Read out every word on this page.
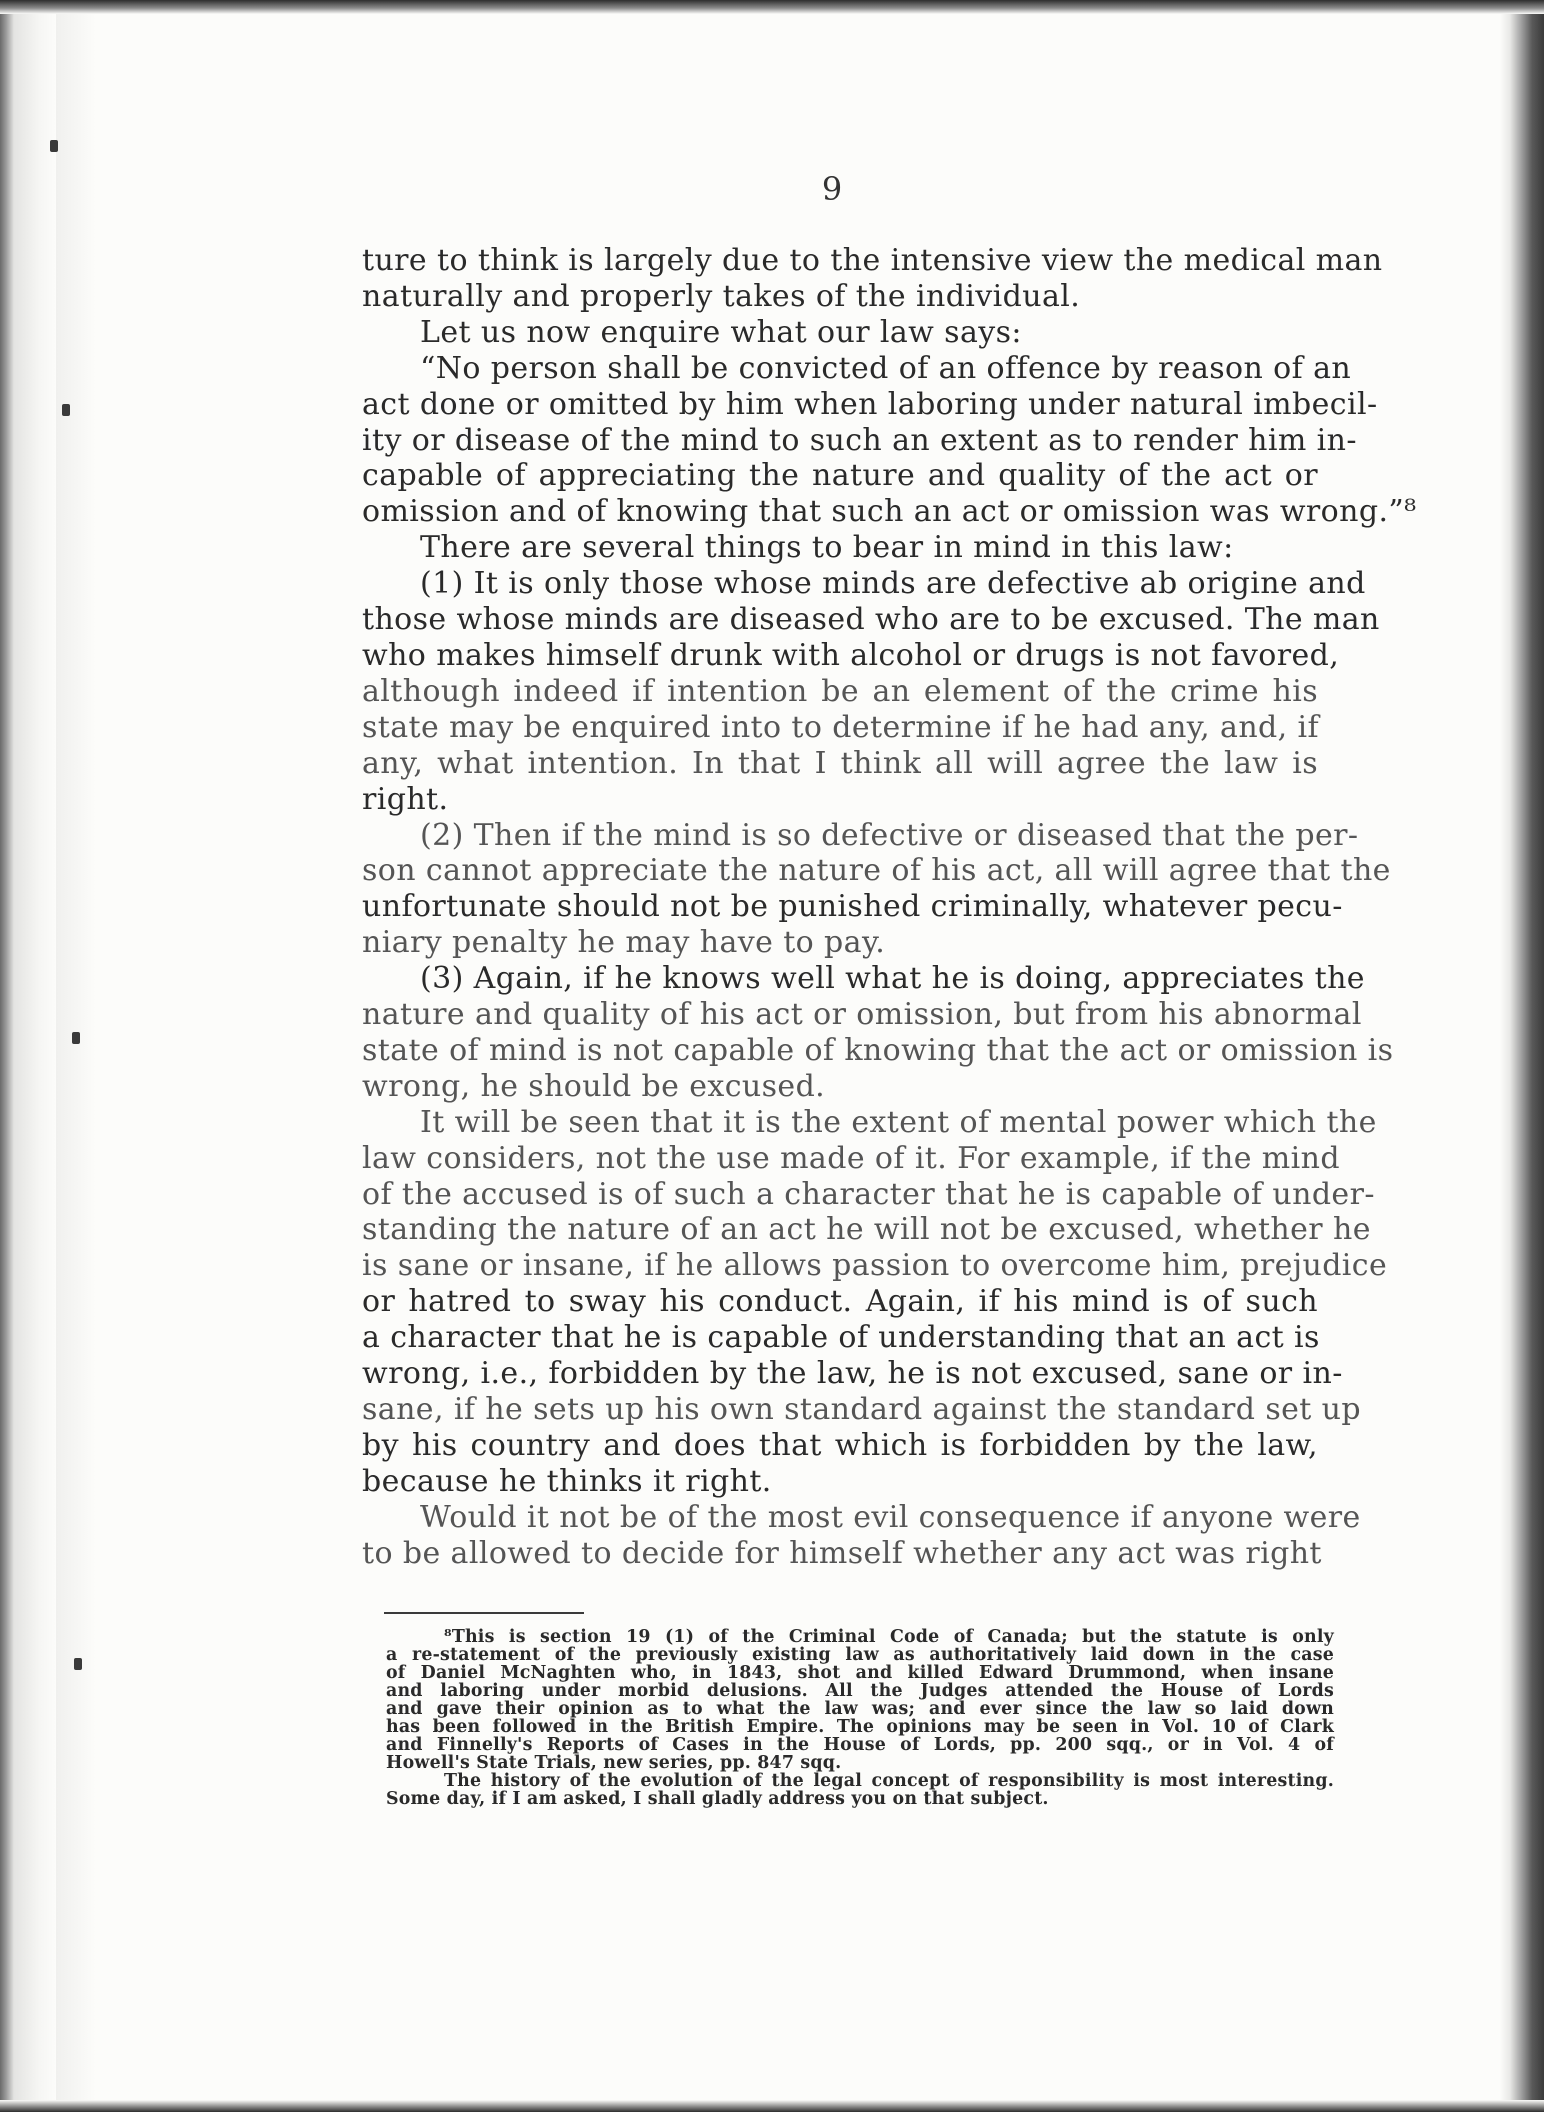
9
ture to think is largely due to the intensive view the medical man
naturally and properly takes of the individual.
Let us now enquire what our law says:
“No person shall be convicted of an offence by reason of an
act done or omitted by him when laboring under natural imbecil-
ity or disease of the mind to such an extent as to render him in-
capable of appreciating the nature and quality of the act or
omission and of knowing that such an act or omission was wrong.”⁸
There are several things to bear in mind in this law:
(1) It is only those whose minds are defective ab origine and
those whose minds are diseased who are to be excused. The man
who makes himself drunk with alcohol or drugs is not favored,
although indeed if intention be an element of the crime his
state may be enquired into to determine if he had any, and, if
any, what intention. In that I think all will agree the law is
right.
(2) Then if the mind is so defective or diseased that the per-
son cannot appreciate the nature of his act, all will agree that the
unfortunate should not be punished criminally, whatever pecu-
niary penalty he may have to pay.
(3) Again, if he knows well what he is doing, appreciates the
nature and quality of his act or omission, but from his abnormal
state of mind is not capable of knowing that the act or omission is
wrong, he should be excused.
It will be seen that it is the extent of mental power which the
law considers, not the use made of it. For example, if the mind
of the accused is of such a character that he is capable of under-
standing the nature of an act he will not be excused, whether he
is sane or insane, if he allows passion to overcome him, prejudice
or hatred to sway his conduct. Again, if his mind is of such
a character that he is capable of understanding that an act is
wrong, i.e., forbidden by the law, he is not excused, sane or in-
sane, if he sets up his own standard against the standard set up
by his country and does that which is forbidden by the law,
because he thinks it right.
Would it not be of the most evil consequence if anyone were
to be allowed to decide for himself whether any act was right
⁸This is section 19 (1) of the Criminal Code of Canada; but the statute is only
a re-statement of the previously existing law as authoritatively laid down in the case
of Daniel McNaghten who, in 1843, shot and killed Edward Drummond, when insane
and laboring under morbid delusions. All the Judges attended the House of Lords
and gave their opinion as to what the law was; and ever since the law so laid down
has been followed in the British Empire. The opinions may be seen in Vol. 10 of Clark
and Finnelly's Reports of Cases in the House of Lords, pp. 200 sqq., or in Vol. 4 of
Howell's State Trials, new series, pp. 847 sqq.
The history of the evolution of the legal concept of responsibility is most interesting.
Some day, if I am asked, I shall gladly address you on that subject.
